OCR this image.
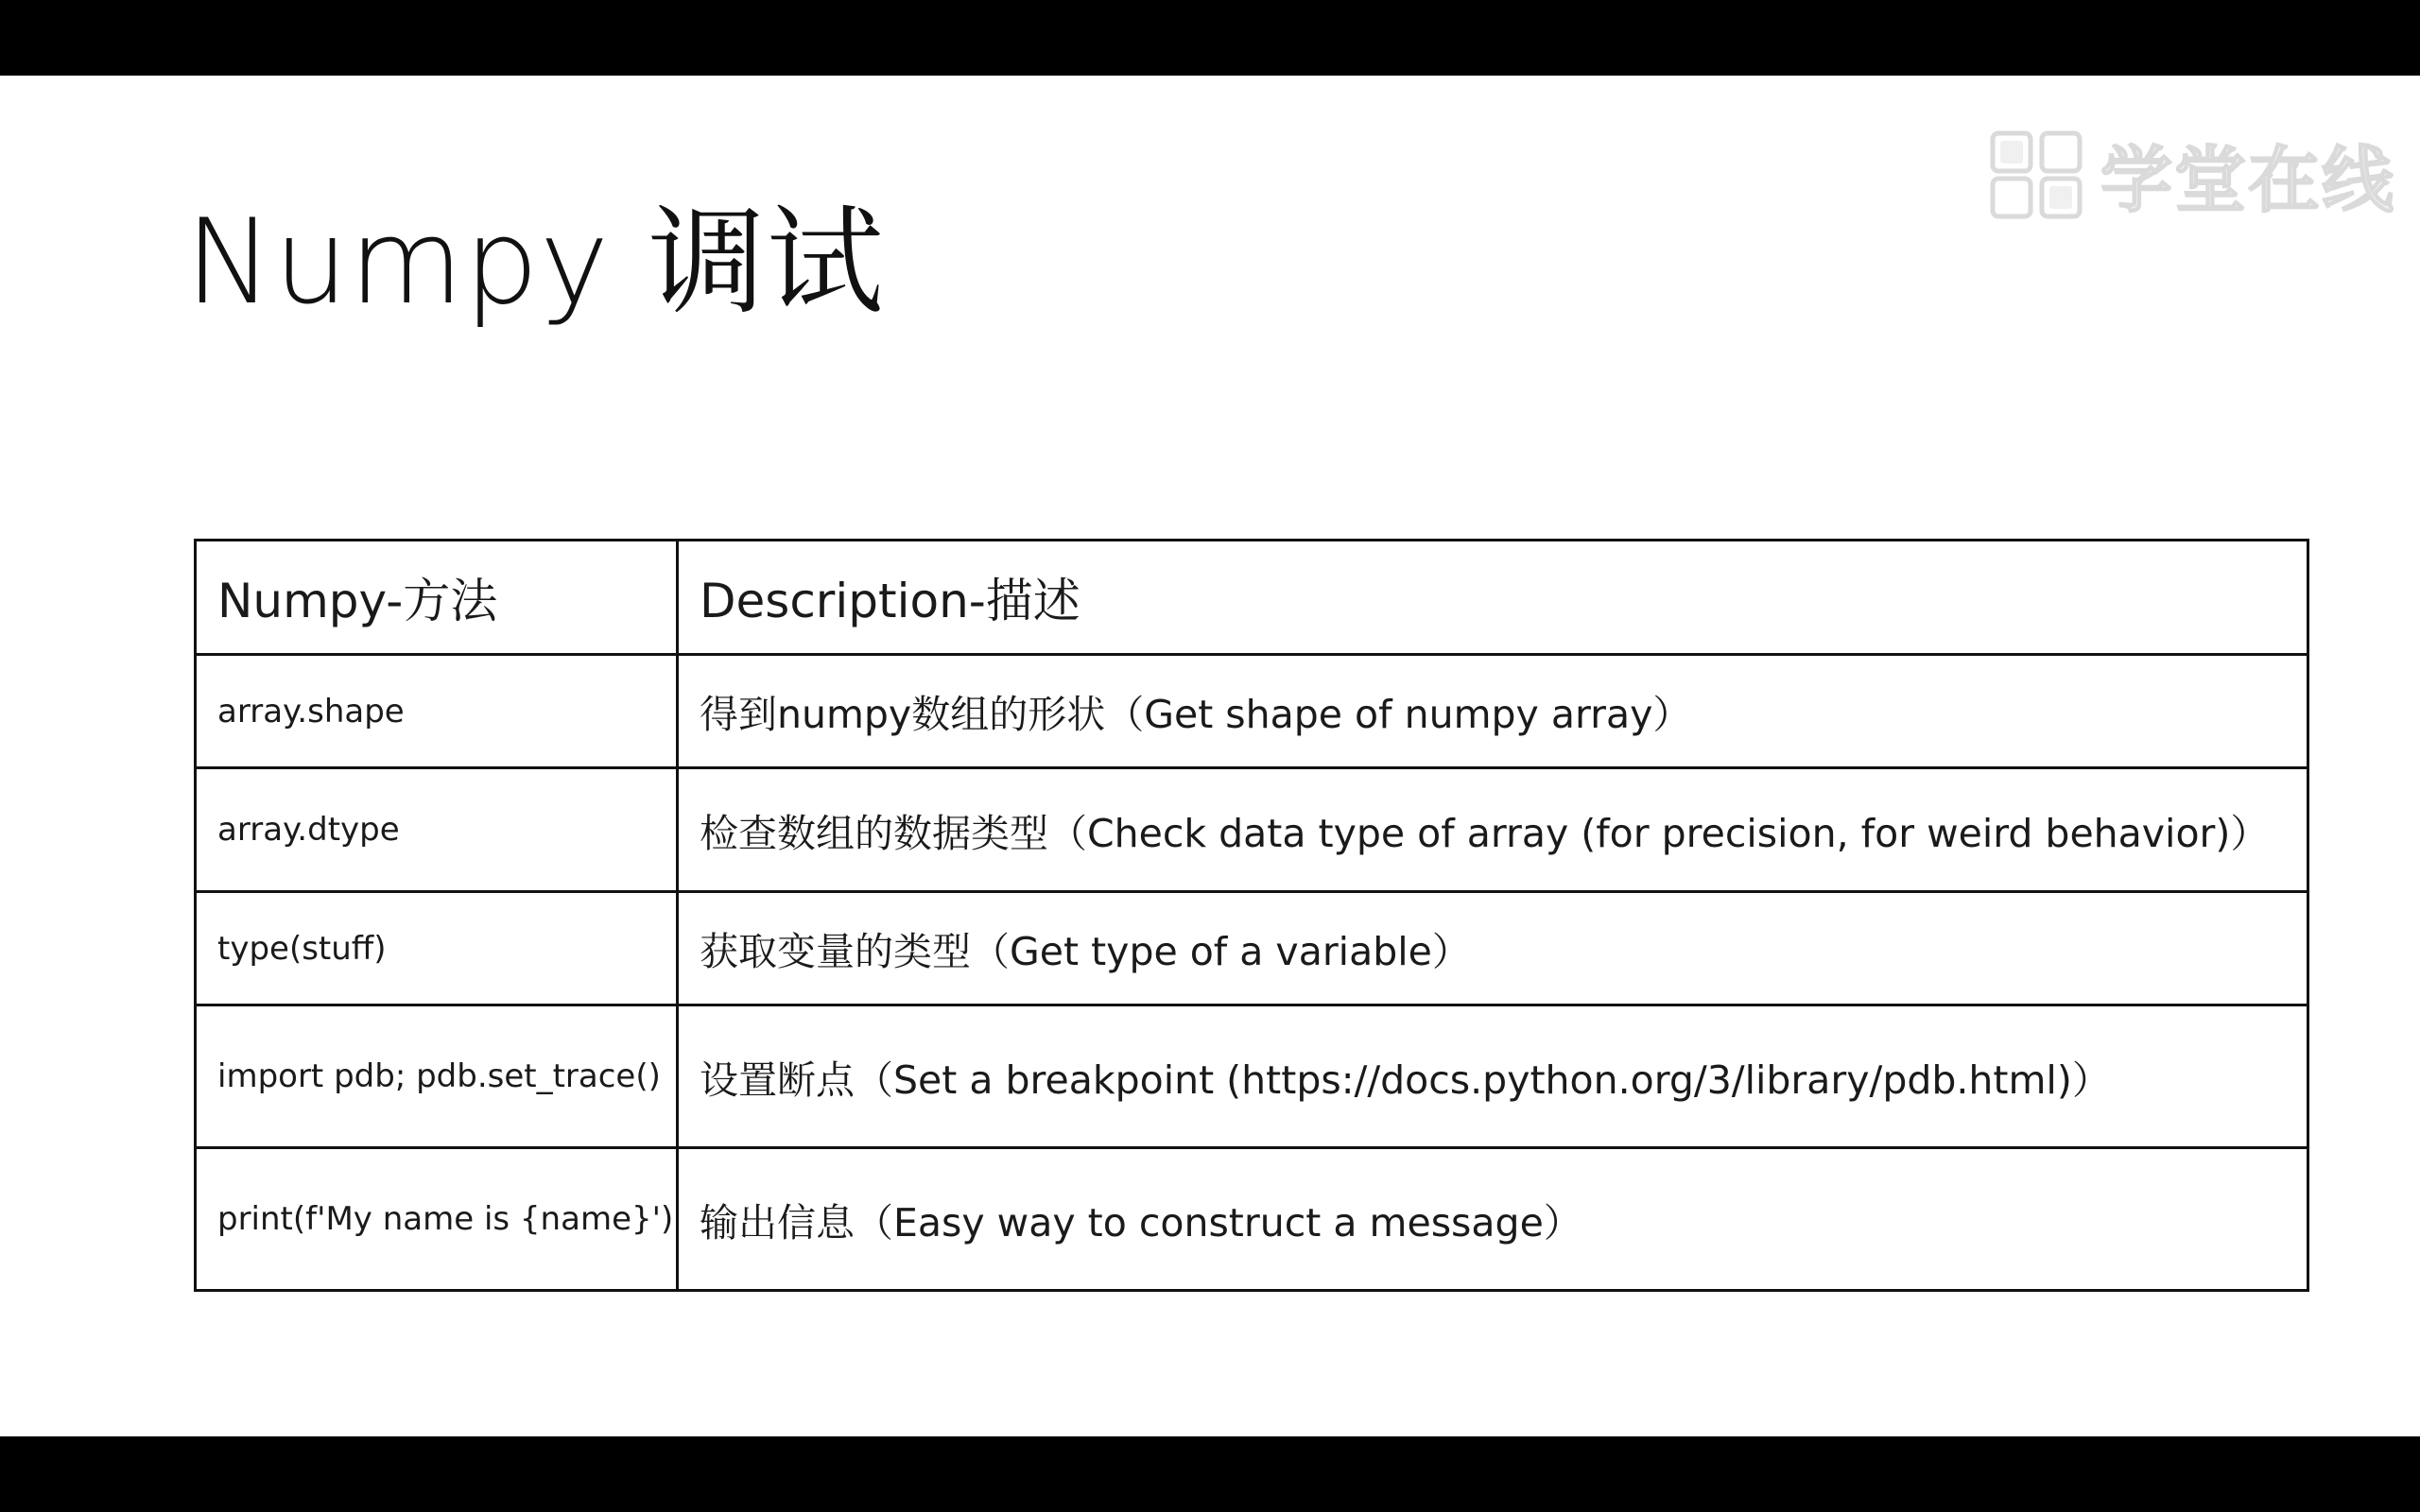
Numpy 调试
学堂在线
Numpy-方法	Description-描述
array.shape	得到numpy数组的形状（Get shape of numpy array）
array.dtype	检查数组的数据类型（Check data type of array (for precision, for weird behavior)）
type(stuff)	获取变量的类型（Get type of a variable）
import pdb; pdb.set_trace()	设置断点（Set a breakpoint (https://docs.python.org/3/library/pdb.html)）
print(f'My name is {name}')	输出信息（Easy way to construct a message）
